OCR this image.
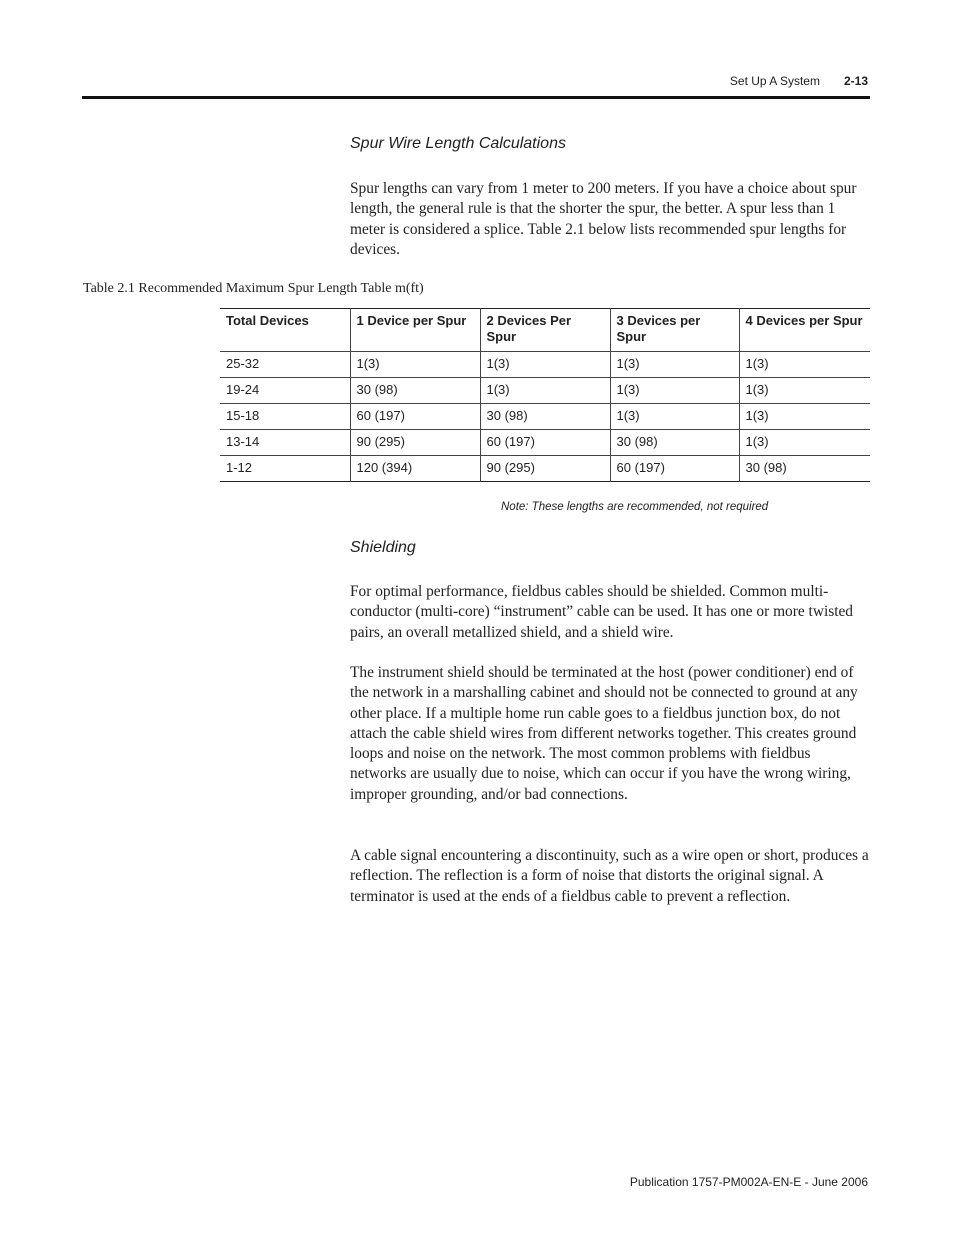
Set Up A System 2-13
Spur Wire Length Calculations

Spur lengths can vary from 1 meter to 200 meters. If you have a choice about spur length, the general rule is that the shorter the spur, the better. A spur less than 1 meter is considered a splice. Table 2.1 below lists recommended spur lengths for devices.

Table 2.1 Recommended Maximum Spur Length Table m(ft)
Total Devices	1 Device per Spur	2 Devices Per Spur	3 Devices per Spur	4 Devices per Spur
25-32	1(3)	1(3)	1(3)	1(3)
19-24	30 (98)	1(3)	1(3)	1(3)
15-18	60 (197)	30 (98)	1(3)	1(3)
13-14	90 (295)	60 (197)	30 (98)	1(3)
1-12	120 (394)	90 (295)	60 (197)	30 (98)
Note: These lengths are recommended, not required
Shielding

For optimal performance, fieldbus cables should be shielded. Common multi-conductor (multi-core) “instrument” cable can be used. It has one or more twisted pairs, an overall metallized shield, and a shield wire.

The instrument shield should be terminated at the host (power conditioner) end of the network in a marshalling cabinet and should not be connected to ground at any other place. If a multiple home run cable goes to a fieldbus junction box, do not attach the cable shield wires from different networks together. This creates ground loops and noise on the network. The most common problems with fieldbus networks are usually due to noise, which can occur if you have the wrong wiring, improper grounding, and/or bad connections.

A cable signal encountering a discontinuity, such as a wire open or short, produces a reflection. The reflection is a form of noise that distorts the original signal. A terminator is used at the ends of a fieldbus cable to prevent a reflection.

Publication 1757-PM002A-EN-E - June 2006
